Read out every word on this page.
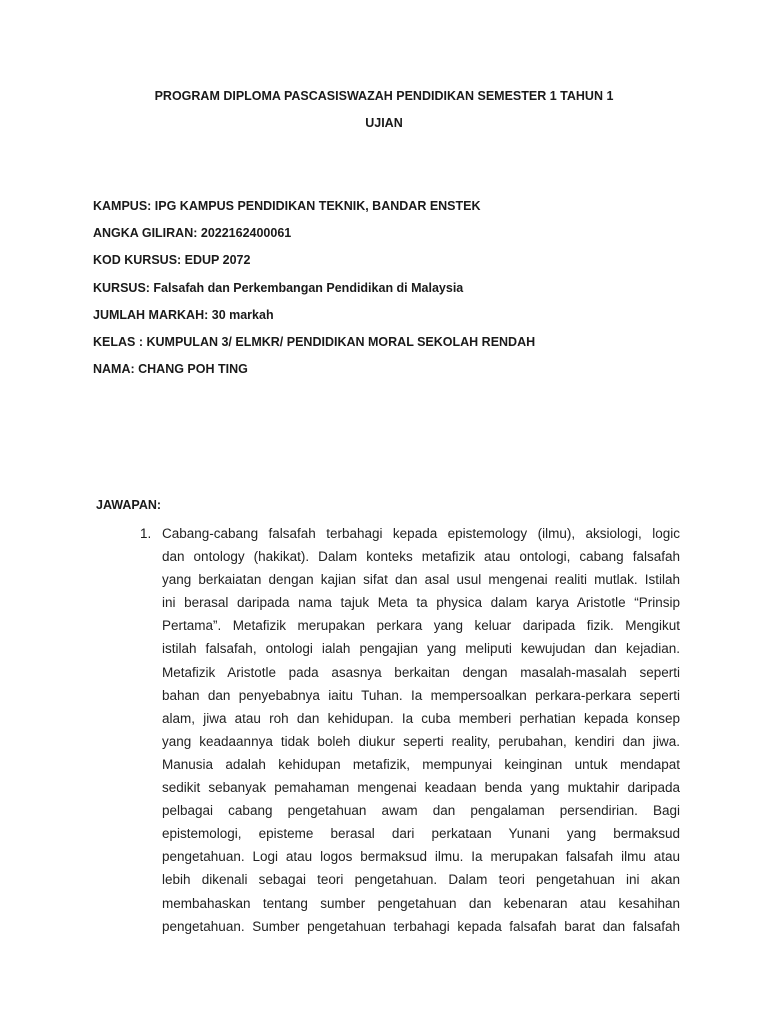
PROGRAM DIPLOMA PASCASISWAZAH PENDIDIKAN SEMESTER 1 TAHUN 1
UJIAN
KAMPUS: IPG KAMPUS PENDIDIKAN TEKNIK, BANDAR ENSTEK
ANGKA GILIRAN: 2022162400061
KOD KURSUS: EDUP 2072
KURSUS: Falsafah dan Perkembangan Pendidikan di Malaysia
JUMLAH MARKAH: 30 markah
KELAS : KUMPULAN 3/ ELMKR/ PENDIDIKAN MORAL SEKOLAH RENDAH
NAMA: CHANG POH TING
JAWAPAN:
1. Cabang-cabang falsafah terbahagi kepada epistemology (ilmu), aksiologi, logic
dan ontology (hakikat). Dalam konteks metafizik atau ontologi, cabang falsafah
yang berkaiatan dengan kajian sifat dan asal usul mengenai realiti mutlak. Istilah
ini berasal daripada nama tajuk Meta ta physica dalam karya Aristotle “Prinsip
Pertama”. Metafizik merupakan perkara yang keluar daripada fizik. Mengikut
istilah falsafah, ontologi ialah pengajian yang meliputi kewujudan dan kejadian.
Metafizik Aristotle pada asasnya berkaitan dengan masalah-masalah seperti
bahan dan penyebabnya iaitu Tuhan. Ia mempersoalkan perkara-perkara seperti
alam, jiwa atau roh dan kehidupan. Ia cuba memberi perhatian kepada konsep
yang keadaannya tidak boleh diukur seperti reality, perubahan, kendiri dan jiwa.
Manusia adalah kehidupan metafizik, mempunyai keinginan untuk mendapat
sedikit sebanyak pemahaman mengenai keadaan benda yang muktahir daripada
pelbagai cabang pengetahuan awam dan pengalaman persendirian. Bagi
epistemologi, episteme berasal dari perkataan Yunani yang bermaksud
pengetahuan. Logi atau logos bermaksud ilmu. Ia merupakan falsafah ilmu atau
lebih dikenali sebagai teori pengetahuan. Dalam teori pengetahuan ini akan
membahaskan tentang sumber pengetahuan dan kebenaran atau kesahihan
pengetahuan. Sumber pengetahuan terbahagi kepada falsafah barat dan falsafah
